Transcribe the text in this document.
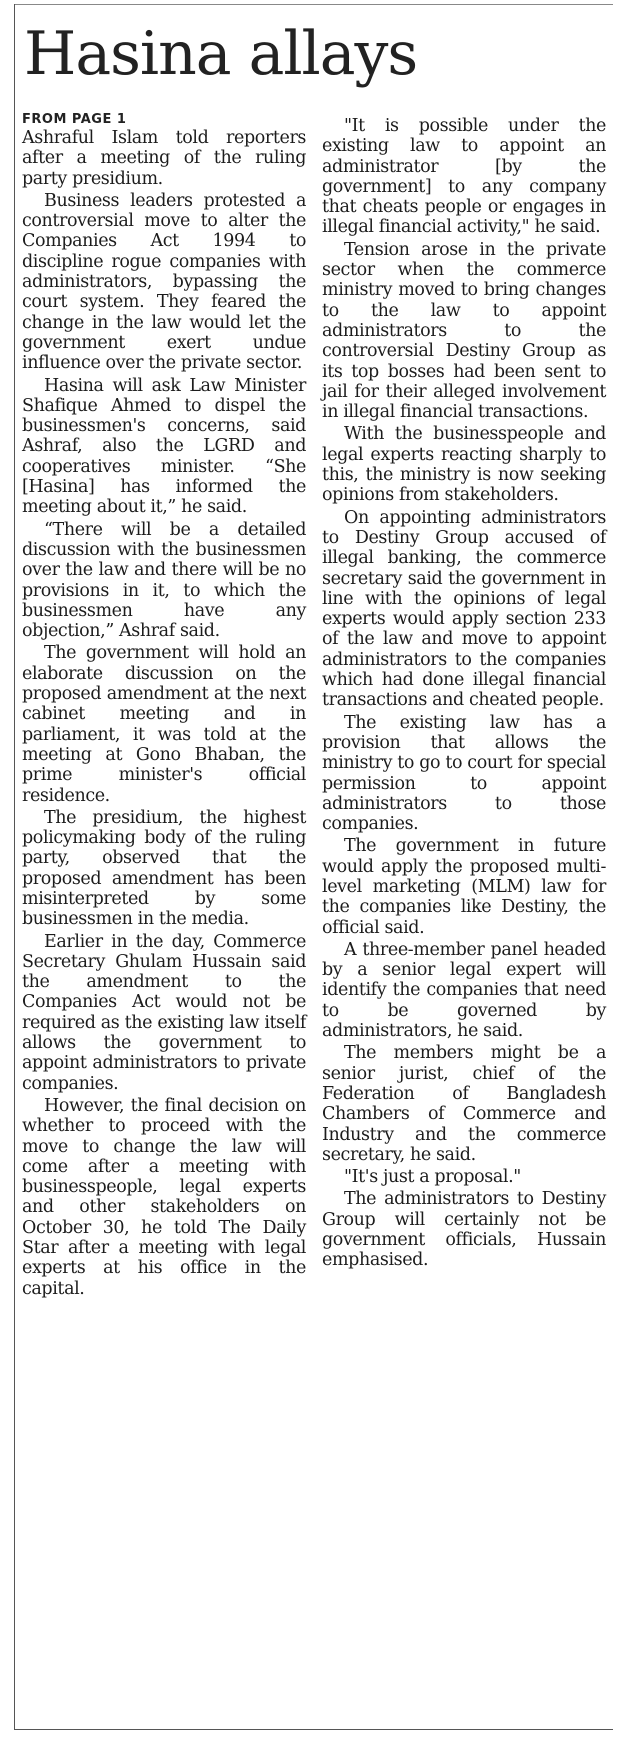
Hasina allays

FROM PAGE 1

Ashraful Islam told reporters after a meeting of the ruling party presidium.

Business leaders protested a controversial move to alter the Companies Act 1994 to discipline rogue companies with administrators, bypassing the court system. They feared the change in the law would let the government exert undue influence over the private sector.

Hasina will ask Law Minister Shafique Ahmed to dispel the businessmen's concerns, said Ashraf, also the LGRD and cooperatives minister. “She [Hasina] has informed the meeting about it,” he said.

“There will be a detailed discussion with the businessmen over the law and there will be no provisions in it, to which the businessmen have any objection,” Ashraf said.

The government will hold an elaborate discussion on the proposed amendment at the next cabinet meeting and in parliament, it was told at the meeting at Gono Bhaban, the prime minister's official residence.

The presidium, the highest policymaking body of the ruling party, observed that the proposed amendment has been misinterpreted by some businessmen in the media.

Earlier in the day, Commerce Secretary Ghulam Hussain said the amendment to the Companies Act would not be required as the existing law itself allows the government to appoint administrators to private companies.

However, the final decision on whether to proceed with the move to change the law will come after a meeting with businesspeople, legal experts and other stakeholders on October 30, he told The Daily Star after a meeting with legal experts at his office in the capital.

"It is possible under the existing law to appoint an administrator [by the government] to any company that cheats people or engages in illegal financial activity," he said.

Tension arose in the private sector when the commerce ministry moved to bring changes to the law to appoint administrators to the controversial Destiny Group as its top bosses had been sent to jail for their alleged involvement in illegal financial transactions.

With the businesspeople and legal experts reacting sharply to this, the ministry is now seeking opinions from stakeholders.

On appointing administrators to Destiny Group accused of illegal banking, the commerce secretary said the government in line with the opinions of legal experts would apply section 233 of the law and move to appoint administrators to the companies which had done illegal financial transactions and cheated people.

The existing law has a provision that allows the ministry to go to court for special permission to appoint administrators to those companies.

The government in future would apply the proposed multi-level marketing (MLM) law for the companies like Destiny, the official said.

A three-member panel headed by a senior legal expert will identify the companies that need to be governed by administrators, he said.

The members might be a senior jurist, chief of the Federation of Bangladesh Chambers of Commerce and Industry and the commerce secretary, he said.

"It's just a proposal."

The administrators to Destiny Group will certainly not be government officials, Hussain emphasised.
